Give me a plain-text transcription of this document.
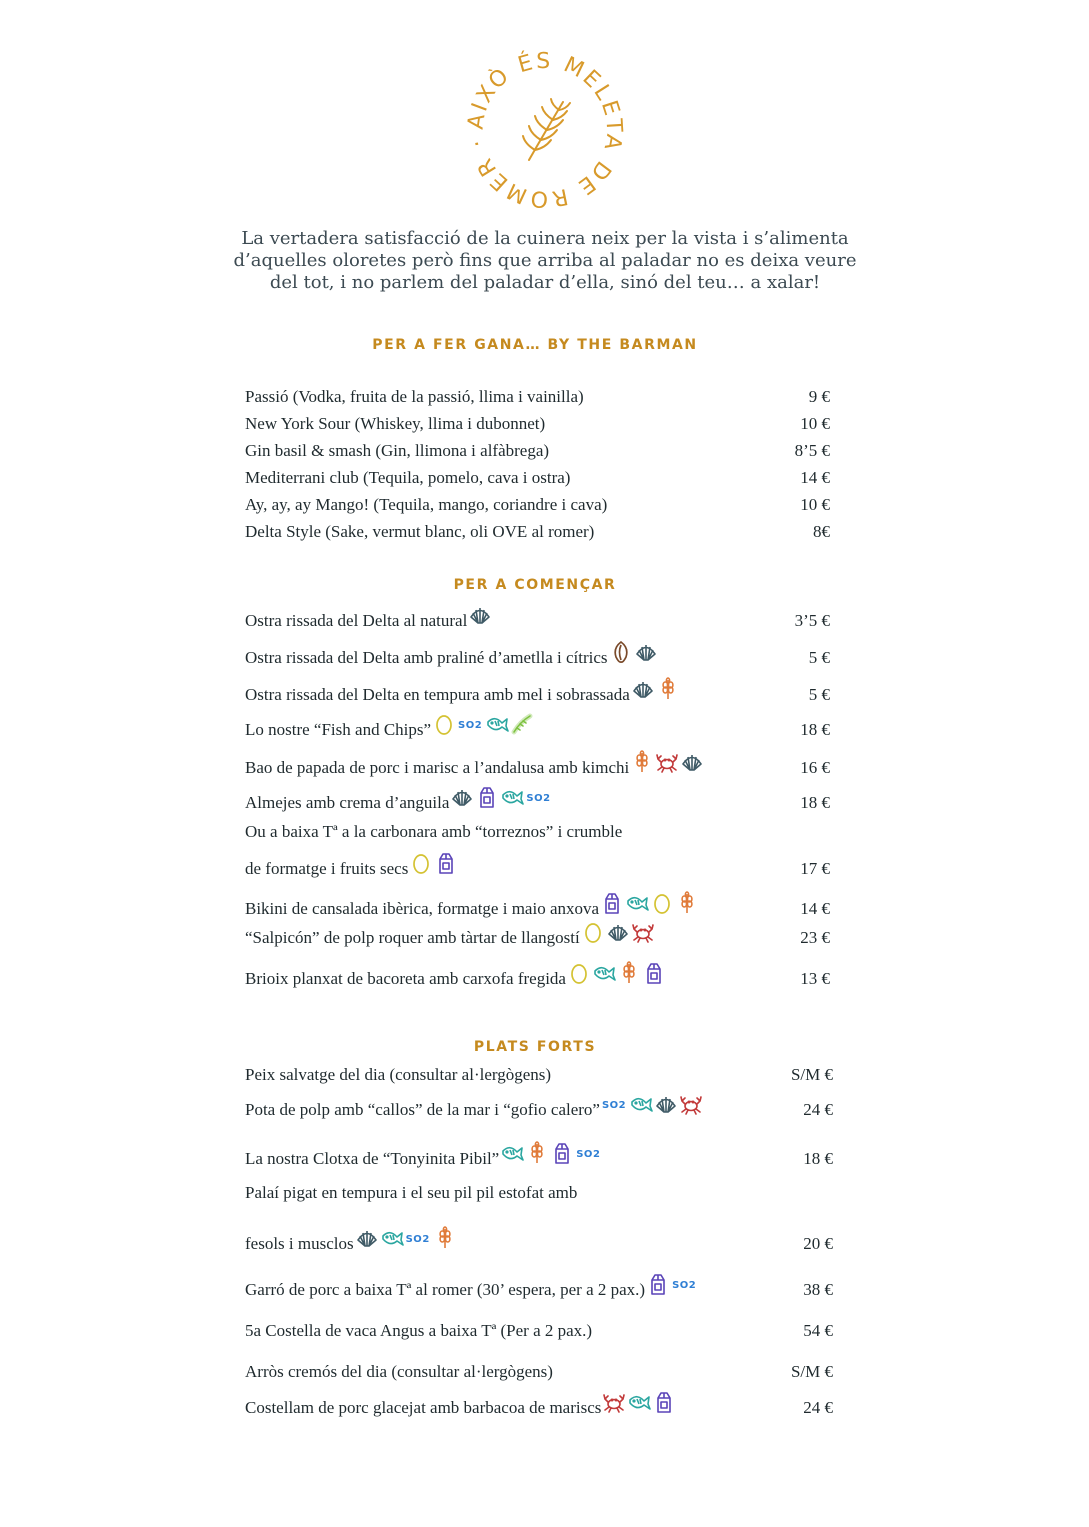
AIXÒ ÉS MELETA DE ROMER ·
La vertadera satisfacció de la cuinera neix per la vista i s’alimenta
d’aquelles oloretes però fins que arriba al paladar no es deixa veure
del tot, i no parlem del paladar d’ella, sinó del teu… a xalar!
PER A FER GANA… BY THE BARMAN
Passió (Vodka, fruita de la passió, llima i vainilla)	9 €
New York Sour (Whiskey, llima i dubonnet)	10 €
Gin basil & smash (Gin, llimona i alfàbrega)	8’5 €
Mediterrani club (Tequila, pomelo, cava i ostra)	14 €
Ay, ay, ay Mango! (Tequila, mango, coriandre i cava)	10 €
Delta Style (Sake, vermut blanc, oli OVE al romer)	8€
PER A COMENÇAR
Ostra rissada del Delta al natural	3’5 €
Ostra rissada del Delta amb praliné d’ametlla i cítrics	5 €
Ostra rissada del Delta en tempura amb mel i sobrassada	5 €
Lo nostre “Fish and Chips”	SO2	18 €
Bao de papada de porc i marisc a l’andalusa amb kimchi	16 €
Almejes amb crema d’anguila	SO2	18 €
Ou a baixa Tª a la carbonara amb “torreznos” i crumble
de formatge i fruits secs	17 €
Bikini de cansalada ibèrica, formatge i maio anxova	14 €
“Salpicón” de polp roquer amb tàrtar de llangostí	23 €
Brioix planxat de bacoreta amb carxofa fregida	13 €
PLATS FORTS
Peix salvatge del dia (consultar al·lergògens)	S/M €
Pota de polp amb “callos” de la mar i “gofio calero” SO2	24 €
La nostra Clotxa de “Tonyinita Pibil”	SO2	18 €
Palaí pigat en tempura i el seu pil pil estofat amb
fesols i musclos	SO2	20 €
Garró de porc a baixa Tª al romer (30’ espera, per a 2 pax.)	SO2	38 €
5a Costella de vaca Angus a baixa Tª (Per a 2 pax.)	54 €
Arròs cremós del dia (consultar al·lergògens)	S/M €
Costellam de porc glacejat amb barbacoa de mariscs	24 €
